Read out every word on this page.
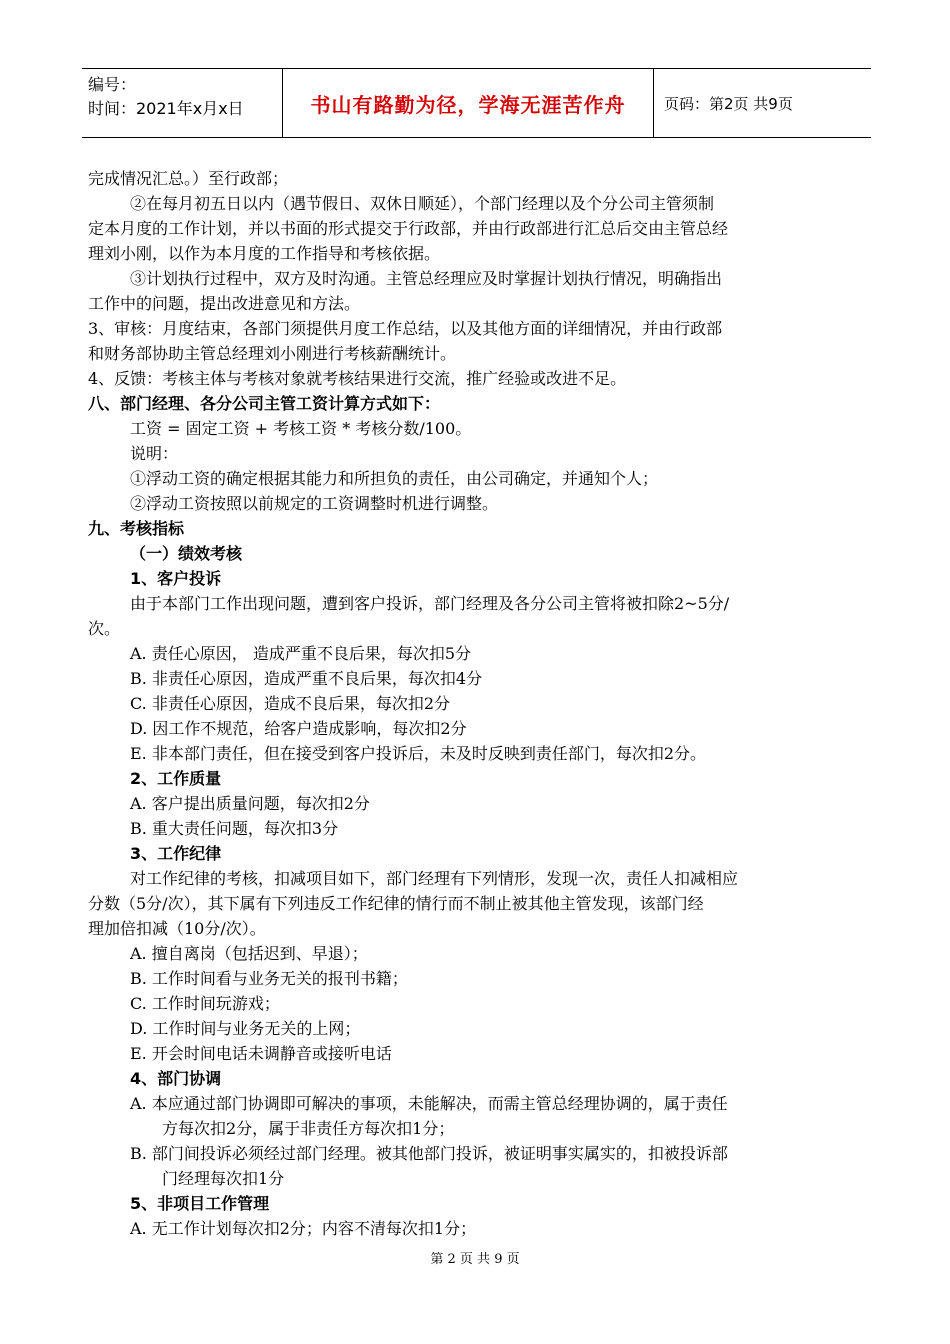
编号：
时间：2021年x月x日	书山有路勤为径，学海无涯苦作舟	页码：第2页 共9页
完成情况汇总。）至行政部；
②在每月初五日以内（遇节假日、双休日顺延），个部门经理以及个分公司主管须制
定本月度的工作计划，并以书面的形式提交于行政部，并由行政部进行汇总后交由主管总经
理刘小刚，以作为本月度的工作指导和考核依据。
③计划执行过程中，双方及时沟通。主管总经理应及时掌握计划执行情况，明确指出
工作中的问题，提出改进意见和方法。
3、审核：月度结束，各部门须提供月度工作总结，以及其他方面的详细情况，并由行政部
和财务部协助主管总经理刘小刚进行考核薪酬统计。
4、反馈：考核主体与考核对象就考核结果进行交流，推广经验或改进不足。
八、部门经理、各分公司主管工资计算方式如下：
工资 = 固定工资 + 考核工资 * 考核分数/100。
说明：
①浮动工资的确定根据其能力和所担负的责任，由公司确定，并通知个人；
②浮动工资按照以前规定的工资调整时机进行调整。
九、考核指标
（一）绩效考核
1、客户投诉
由于本部门工作出现问题，遭到客户投诉，部门经理及各分公司主管将被扣除2~5分/
次。
A. 责任心原因， 造成严重不良后果，每次扣5分
B. 非责任心原因，造成严重不良后果，每次扣4分
C. 非责任心原因，造成不良后果，每次扣2分
D. 因工作不规范，给客户造成影响，每次扣2分
E. 非本部门责任，但在接受到客户投诉后，未及时反映到责任部门，每次扣2分。
2、工作质量
A. 客户提出质量问题，每次扣2分
B. 重大责任问题，每次扣3分
3、工作纪律
对工作纪律的考核，扣减项目如下，部门经理有下列情形，发现一次，责任人扣减相应
分数（5分/次），其下属有下列违反工作纪律的情行而不制止被其他主管发现，该部门经
理加倍扣减（10分/次）。
A. 擅自离岗（包括迟到、早退）；
B. 工作时间看与业务无关的报刊书籍；
C. 工作时间玩游戏；
D. 工作时间与业务无关的上网；
E. 开会时间电话未调静音或接听电话
4、部门协调
A. 本应通过部门协调即可解决的事项，未能解决，而需主管总经理协调的，属于责任
方每次扣2分，属于非责任方每次扣1分；
B. 部门间投诉必须经过部门经理。被其他部门投诉，被证明事实属实的，扣被投诉部
门经理每次扣1分
5、非项目工作管理
A. 无工作计划每次扣2分；内容不清每次扣1分；
第 2 页 共 9 页
